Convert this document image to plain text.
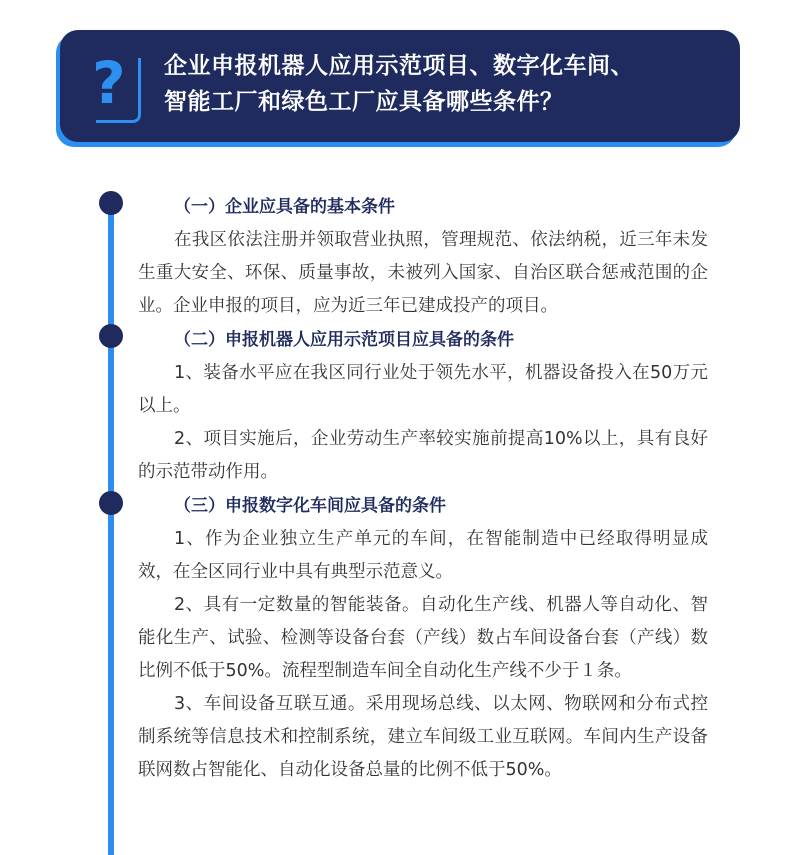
? 企业申报机器人应用示范项目、数字化车间、
智能工厂和绿色工厂应具备哪些条件？
（一）企业应具备的基本条件

在我区依法注册并领取营业执照，管理规范、依法纳税，近三年未发生重大安全、环保、质量事故，未被列入国家、自治区联合惩戒范围的企业。企业申报的项目，应为近三年已建成投产的项目。

（二）申报机器人应用示范项目应具备的条件

1、装备水平应在我区同行业处于领先水平，机器设备投入在50万元以上。

2、项目实施后，企业劳动生产率较实施前提高10%以上，具有良好的示范带动作用。

（三）申报数字化车间应具备的条件

1、作为企业独立生产单元的车间，在智能制造中已经取得明显成效，在全区同行业中具有典型示范意义。

2、具有一定数量的智能装备。自动化生产线、机器人等自动化、智能化生产、试验、检测等设备台套（产线）数占车间设备台套（产线）数比例不低于50%。流程型制造车间全自动化生产线不少于１条。

3、车间设备互联互通。采用现场总线、以太网、物联网和分布式控制系统等信息技术和控制系统，建立车间级工业互联网。车间内生产设备联网数占智能化、自动化设备总量的比例不低于50%。
